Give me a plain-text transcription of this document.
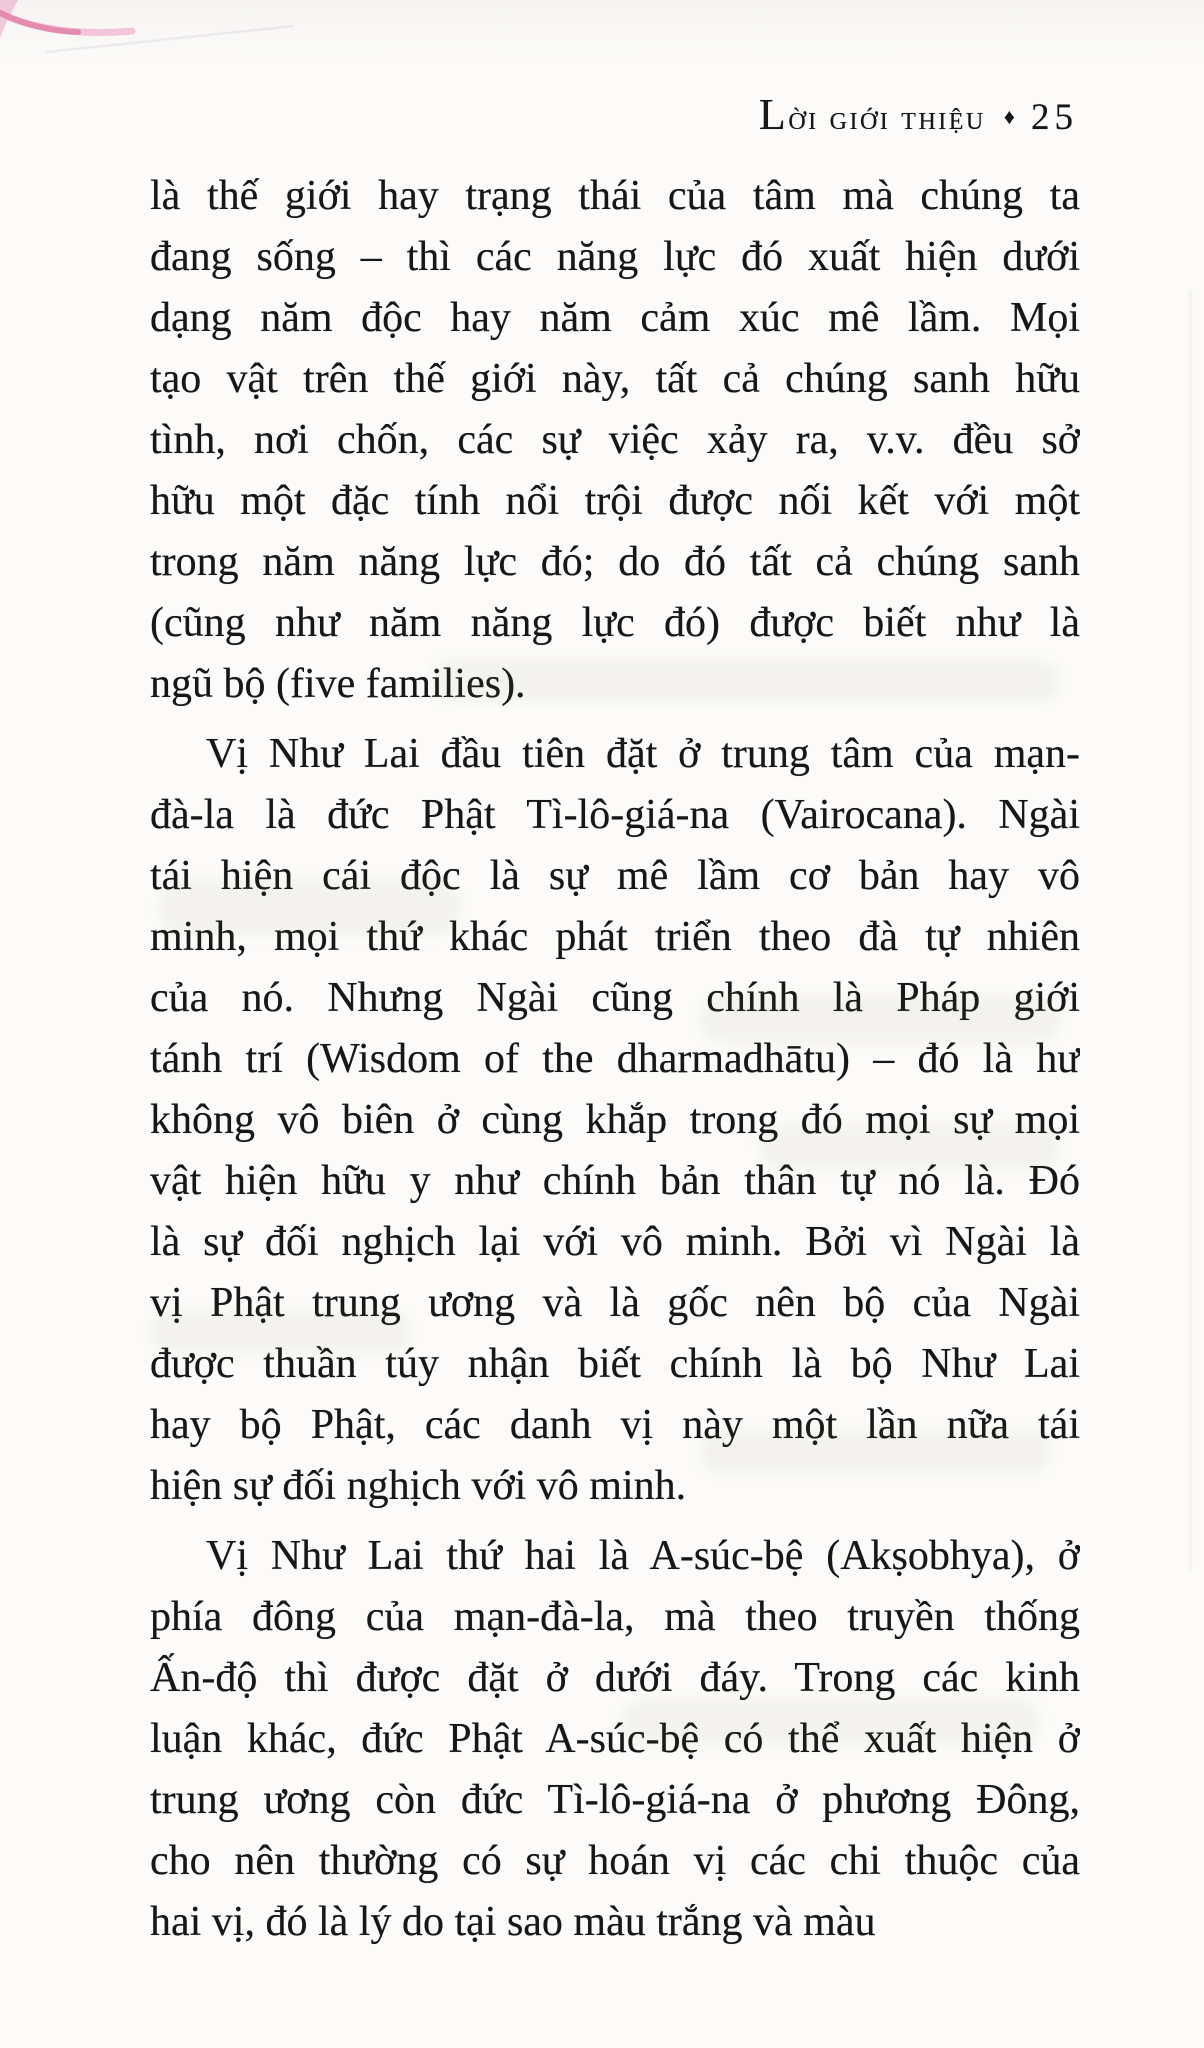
Lời giới thiệu ♦ 25
là thế giới hay trạng thái của tâm mà chúng ta
đang sống – thì các năng lực đó xuất hiện dưới
dạng năm độc hay năm cảm xúc mê lầm. Mọi
tạo vật trên thế giới này, tất cả chúng sanh hữu
tình, nơi chốn, các sự việc xảy ra, v.v. đều sở
hữu một đặc tính nổi trội được nối kết với một
trong năm năng lực đó; do đó tất cả chúng sanh
(cũng như năm năng lực đó) được biết như là
ngũ bộ (five families).
Vị Như Lai đầu tiên đặt ở trung tâm của mạn-
đà-la là đức Phật Tì-lô-giá-na (Vairocana). Ngài
tái hiện cái độc là sự mê lầm cơ bản hay vô
minh, mọi thứ khác phát triển theo đà tự nhiên
của nó. Nhưng Ngài cũng chính là Pháp giới
tánh trí (Wisdom of the dharmadhātu) – đó là hư
không vô biên ở cùng khắp trong đó mọi sự mọi
vật hiện hữu y như chính bản thân tự nó là. Đó
là sự đối nghịch lại với vô minh. Bởi vì Ngài là
vị Phật trung ương và là gốc nên bộ của Ngài
được thuần túy nhận biết chính là bộ Như Lai
hay bộ Phật, các danh vị này một lần nữa tái
hiện sự đối nghịch với vô minh.
Vị Như Lai thứ hai là A-súc-bệ (Akṣobhya), ở
phía đông của mạn-đà-la, mà theo truyền thống
Ấn-độ thì được đặt ở dưới đáy. Trong các kinh
luận khác, đức Phật A-súc-bệ có thể xuất hiện ở
trung ương còn đức Tì-lô-giá-na ở phương Đông,
cho nên thường có sự hoán vị các chi thuộc của
hai vị, đó là lý do tại sao màu trắng và màu
